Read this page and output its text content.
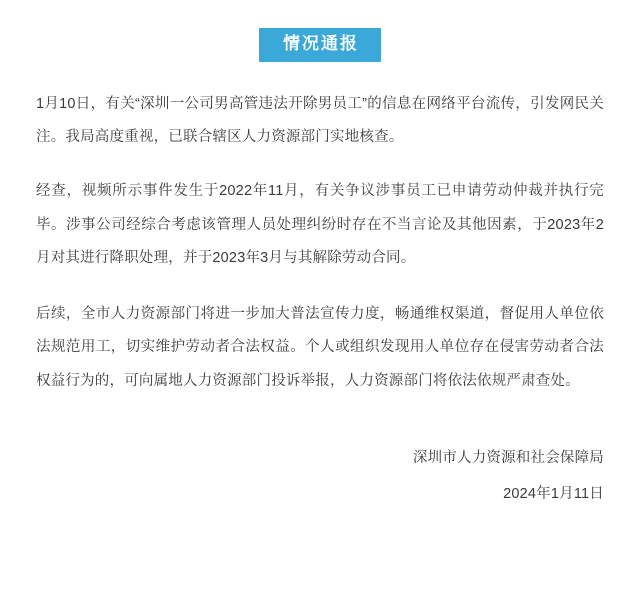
情况通报

1月10日，有关“深圳一公司男高管违法开除男员工”的信息在网络平台流传，引发网民关注。我局高度重视，已联合辖区人力资源部门实地核查。

经查，视频所示事件发生于2022年11月，有关争议涉事员工已申请劳动仲裁并执行完毕。涉事公司经综合考虑该管理人员处理纠纷时存在不当言论及其他因素，于2023年2月对其进行降职处理，并于2023年3月与其解除劳动合同。

后续，全市人力资源部门将进一步加大普法宣传力度，畅通维权渠道，督促用人单位依法规范用工，切实维护劳动者合法权益。个人或组织发现用人单位存在侵害劳动者合法权益行为的，可向属地人力资源部门投诉举报，人力资源部门将依法依规严肃查处。

深圳市人力资源和社会保障局
2024年1月11日
